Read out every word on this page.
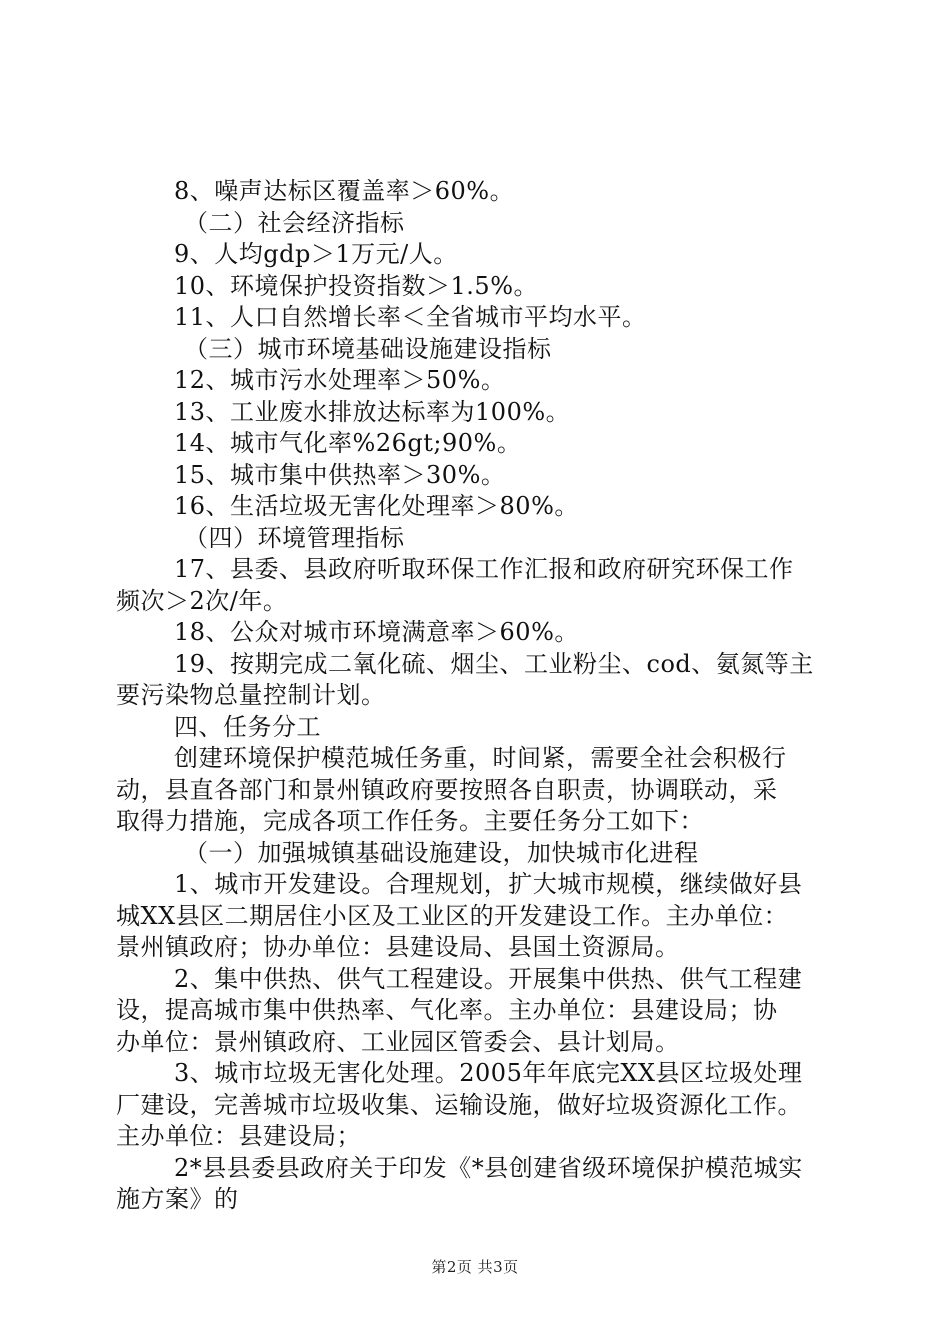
8、噪声达标区覆盖率＞60%。
（二）社会经济指标
9、人均gdp＞1万元/人。
10、环境保护投资指数＞1.5%。
11、人口自然增长率＜全省城市平均水平。
（三）城市环境基础设施建设指标
12、城市污水处理率＞50%。
13、工业废水排放达标率为100%。
14、城市气化率%26gt;90%。
15、城市集中供热率＞30%。
16、生活垃圾无害化处理率＞80%。
（四）环境管理指标
17、县委、县政府听取环保工作汇报和政府研究环保工作
频次＞2次/年。
18、公众对城市环境满意率＞60%。
19、按期完成二氧化硫、烟尘、工业粉尘、cod、氨氮等主
要污染物总量控制计划。
四、任务分工
创建环境保护模范城任务重，时间紧，需要全社会积极行
动，县直各部门和景州镇政府要按照各自职责，协调联动，采
取得力措施，完成各项工作任务。主要任务分工如下：
（一）加强城镇基础设施建设，加快城市化进程
1、城市开发建设。合理规划，扩大城市规模，继续做好县
城XX县区二期居住小区及工业区的开发建设工作。主办单位：
景州镇政府；协办单位：县建设局、县国土资源局。
2、集中供热、供气工程建设。开展集中供热、供气工程建
设，提高城市集中供热率、气化率。主办单位：县建设局；协
办单位：景州镇政府、工业园区管委会、县计划局。
3、城市垃圾无害化处理。2005年年底完XX县区垃圾处理
厂建设，完善城市垃圾收集、运输设施，做好垃圾资源化工作。
主办单位：县建设局；
2*县县委县政府关于印发《*县创建省级环境保护模范城实
施方案》的
第2页 共3页
